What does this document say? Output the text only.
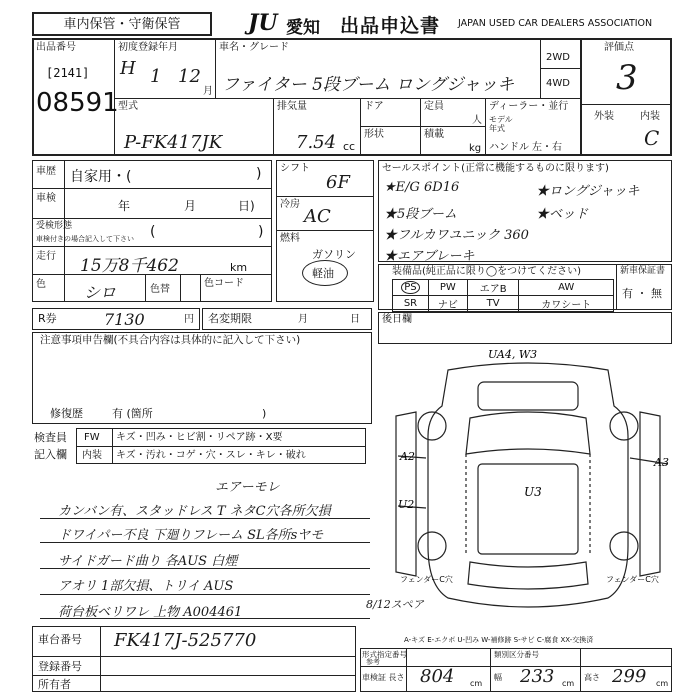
車内保管・守衛保管	JU 愛知 出品申込書 JAPAN USED CAR DEALERS ASSOCIATION
出品番号
[2141]
08591
初度登録年月
H 1 12
月
車名・グレード
ファイター 5段ブーム ロングジャッキ
2WD
4WD
評価点
3
外装	内装
C
型式
P-FK417JK
排気量
7.54 cc
ドア
形状
定員
人
積載
kg
ディーラー・並行
モデル年式
ハンドル 左・右
車歴 自家用・(	)
車検
年	月	日)
受検形態
車検付きの場合記入して下さい (	)
走行 15万8千462	km
色 シロ	色替
色コード
シフト
6F
冷房
AC
燃料
ガソリン
軽油
セールスポイント(正常に機能するものに限ります)
★E/G 6D16	★ロングジャッキ
★5段ブーム	★ベッド
★フルカワユニック 360
★エアブレーキ
装備品(純正品に限り◯をつけてください)
PS	PW	エアB	AW
SR	ナビ	TV	カワシート
新車保証書
有 ・ 無
R券	7130	円 名変期限	月	日
注意事項申告欄(不具合内容は具体的に記入して下さい)
修復歴	有 (箇所	)
検査員
記入欄
FW キズ・凹み・ヒビ割・リペア跡・X要
内装 キズ・汚れ・コゲ・穴・スレ・キレ・破れ
エアーモレ
カンバン有、スタッドレス T ネタC穴各所欠損
ドワイパー不良 下廻りフレーム SL各所sヤモ
サイドガード曲り 各AUS 白煙
アオリ 1部欠損、トリイ AUS
荷台板ベリワレ 上物 A004461
8/12スペア
後日欄
UA4, W3
A2
U2
A3
U3
フェンダーC穴	フェンダーC穴
A-キズ E-エクボ U-凹み W-補修跡 S-サビ C-腐食 XX-交換済
車台番号 FK417J-525770
登録番号
所有者
形式指定番号
参考
類別区分番号
車検証 長さ 804 cm
幅 233 cm
高さ 299 cm
